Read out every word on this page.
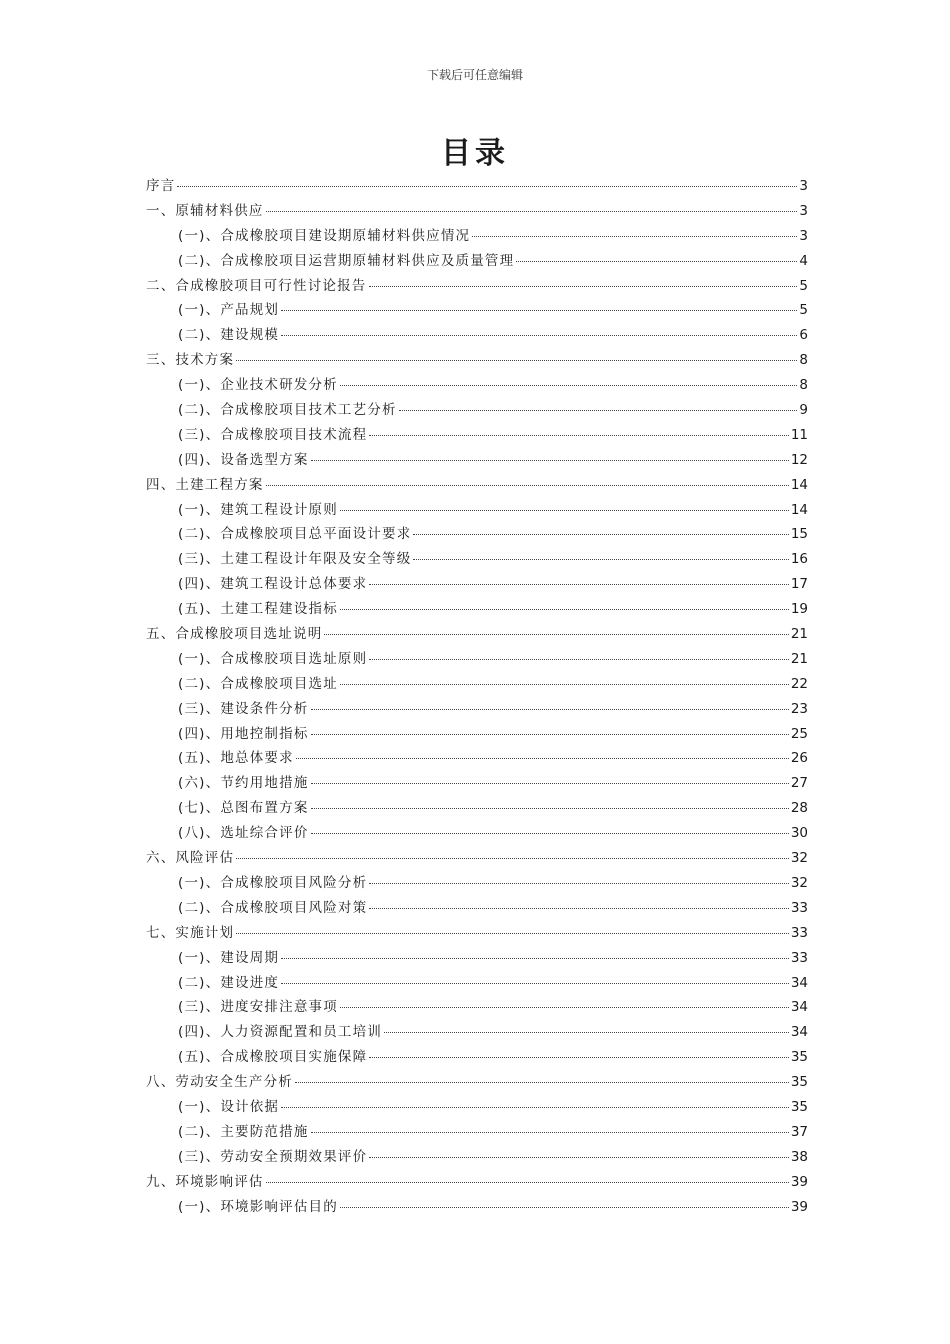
下载后可任意编辑
目录
序言	3
一、原辅材料供应	3
(一)、合成橡胶项目建设期原辅材料供应情况	3
(二)、合成橡胶项目运营期原辅材料供应及质量管理	4
二、合成橡胶项目可行性讨论报告	5
(一)、产品规划	5
(二)、建设规模	6
三、技术方案	8
(一)、企业技术研发分析	8
(二)、合成橡胶项目技术工艺分析	9
(三)、合成橡胶项目技术流程	11
(四)、设备选型方案	12
四、土建工程方案	14
(一)、建筑工程设计原则	14
(二)、合成橡胶项目总平面设计要求	15
(三)、土建工程设计年限及安全等级	16
(四)、建筑工程设计总体要求	17
(五)、土建工程建设指标	19
五、合成橡胶项目选址说明	21
(一)、合成橡胶项目选址原则	21
(二)、合成橡胶项目选址	22
(三)、建设条件分析	23
(四)、用地控制指标	25
(五)、地总体要求	26
(六)、节约用地措施	27
(七)、总图布置方案	28
(八)、选址综合评价	30
六、风险评估	32
(一)、合成橡胶项目风险分析	32
(二)、合成橡胶项目风险对策	33
七、实施计划	33
(一)、建设周期	33
(二)、建设进度	34
(三)、进度安排注意事项	34
(四)、人力资源配置和员工培训	34
(五)、合成橡胶项目实施保障	35
八、劳动安全生产分析	35
(一)、设计依据	35
(二)、主要防范措施	37
(三)、劳动安全预期效果评价	38
九、环境影响评估	39
(一)、环境影响评估目的	39
